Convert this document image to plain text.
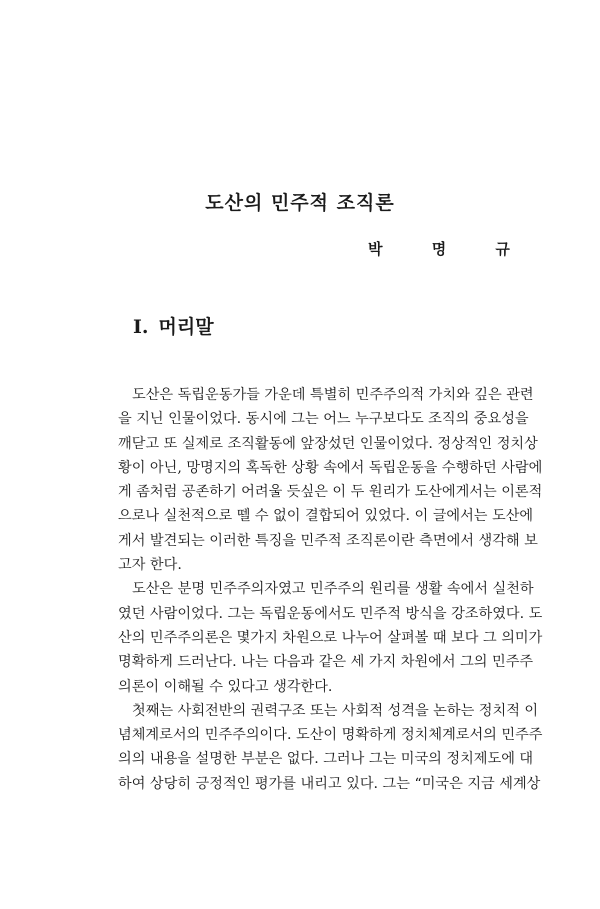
도산의 민주적 조직론
박 명 규
I. 머리말
도산은 독립운동가들 가운데 특별히 민주주의적 가치와 깊은 관련
을 지닌 인물이었다. 동시에 그는 어느 누구보다도 조직의 중요성을
깨닫고 또 실제로 조직활동에 앞장섰던 인물이었다. 정상적인 정치상
황이 아닌, 망명지의 혹독한 상황 속에서 독립운동을 수행하던 사람에
게 좀처럼 공존하기 어려울 듯싶은 이 두 원리가 도산에게서는 이론적
으로나 실천적으로 뗄 수 없이 결합되어 있었다. 이 글에서는 도산에
게서 발견되는 이러한 특징을 민주적 조직론이란 측면에서 생각해 보
고자 한다.
도산은 분명 민주주의자였고 민주주의 원리를 생활 속에서 실천하
였던 사람이었다. 그는 독립운동에서도 민주적 방식을 강조하였다. 도
산의 민주주의론은 몇가지 차원으로 나누어 살펴볼 때 보다 그 의미가
명확하게 드러난다. 나는 다음과 같은 세 가지 차원에서 그의 민주주
의론이 이해될 수 있다고 생각한다.
첫째는 사회전반의 권력구조 또는 사회적 성격을 논하는 정치적 이
념체계로서의 민주주의이다. 도산이 명확하게 정치체계로서의 민주주
의의 내용을 설명한 부분은 없다. 그러나 그는 미국의 정치제도에 대
하여 상당히 긍정적인 평가를 내리고 있다. 그는 “미국은 지금 세계상
